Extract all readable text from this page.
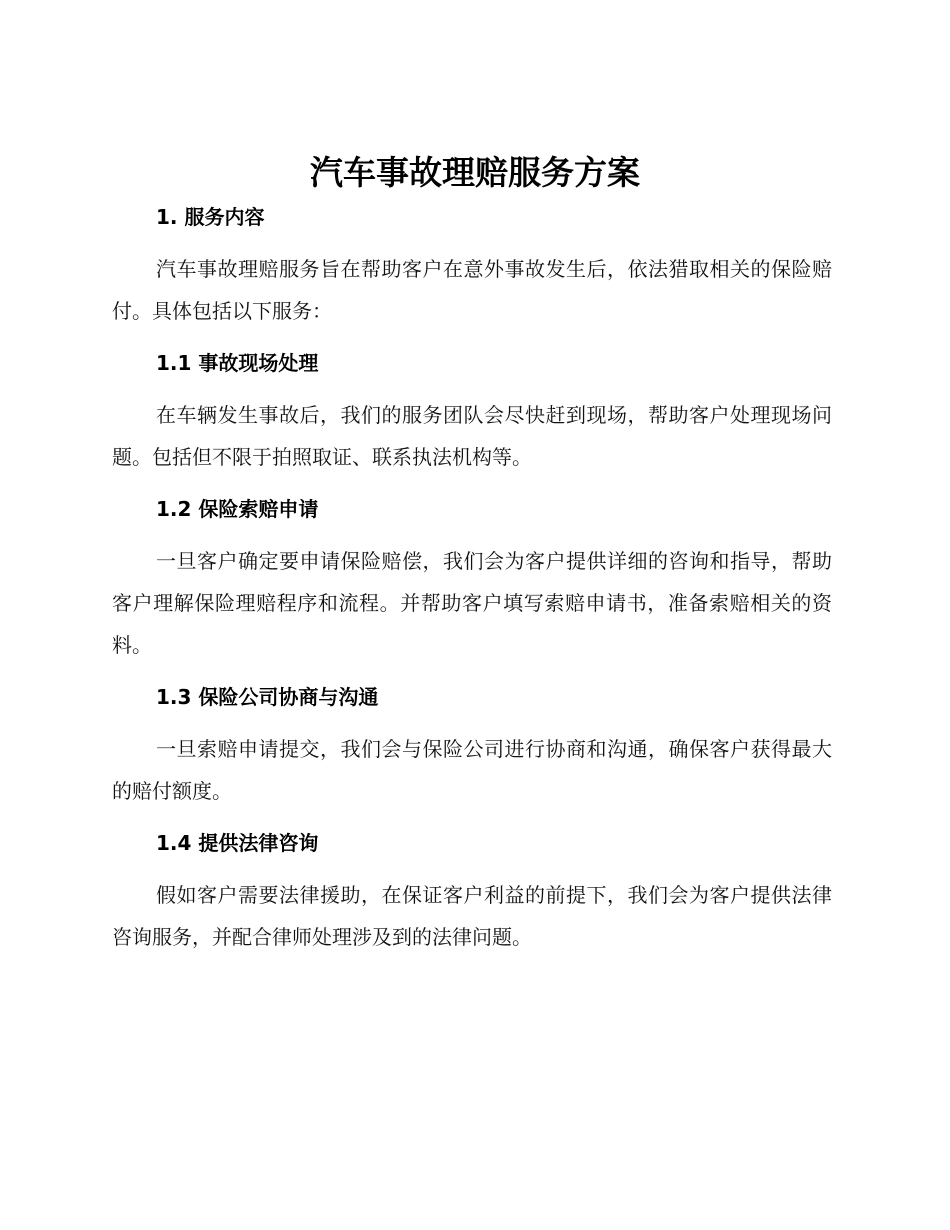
汽车事故理赔服务方案
1. 服务内容

汽车事故理赔服务旨在帮助客户在意外事故发生后，依法猎取相关的保险赔付。具体包括以下服务：

1.1 事故现场处理

在车辆发生事故后，我们的服务团队会尽快赶到现场，帮助客户处理现场问题。包括但不限于拍照取证、联系执法机构等。

1.2 保险索赔申请

一旦客户确定要申请保险赔偿，我们会为客户提供详细的咨询和指导，帮助客户理解保险理赔程序和流程。并帮助客户填写索赔申请书，准备索赔相关的资料。

1.3 保险公司协商与沟通

一旦索赔申请提交，我们会与保险公司进行协商和沟通，确保客户获得最大的赔付额度。

1.4 提供法律咨询

假如客户需要法律援助，在保证客户利益的前提下，我们会为客户提供法律咨询服务，并配合律师处理涉及到的法律问题。
